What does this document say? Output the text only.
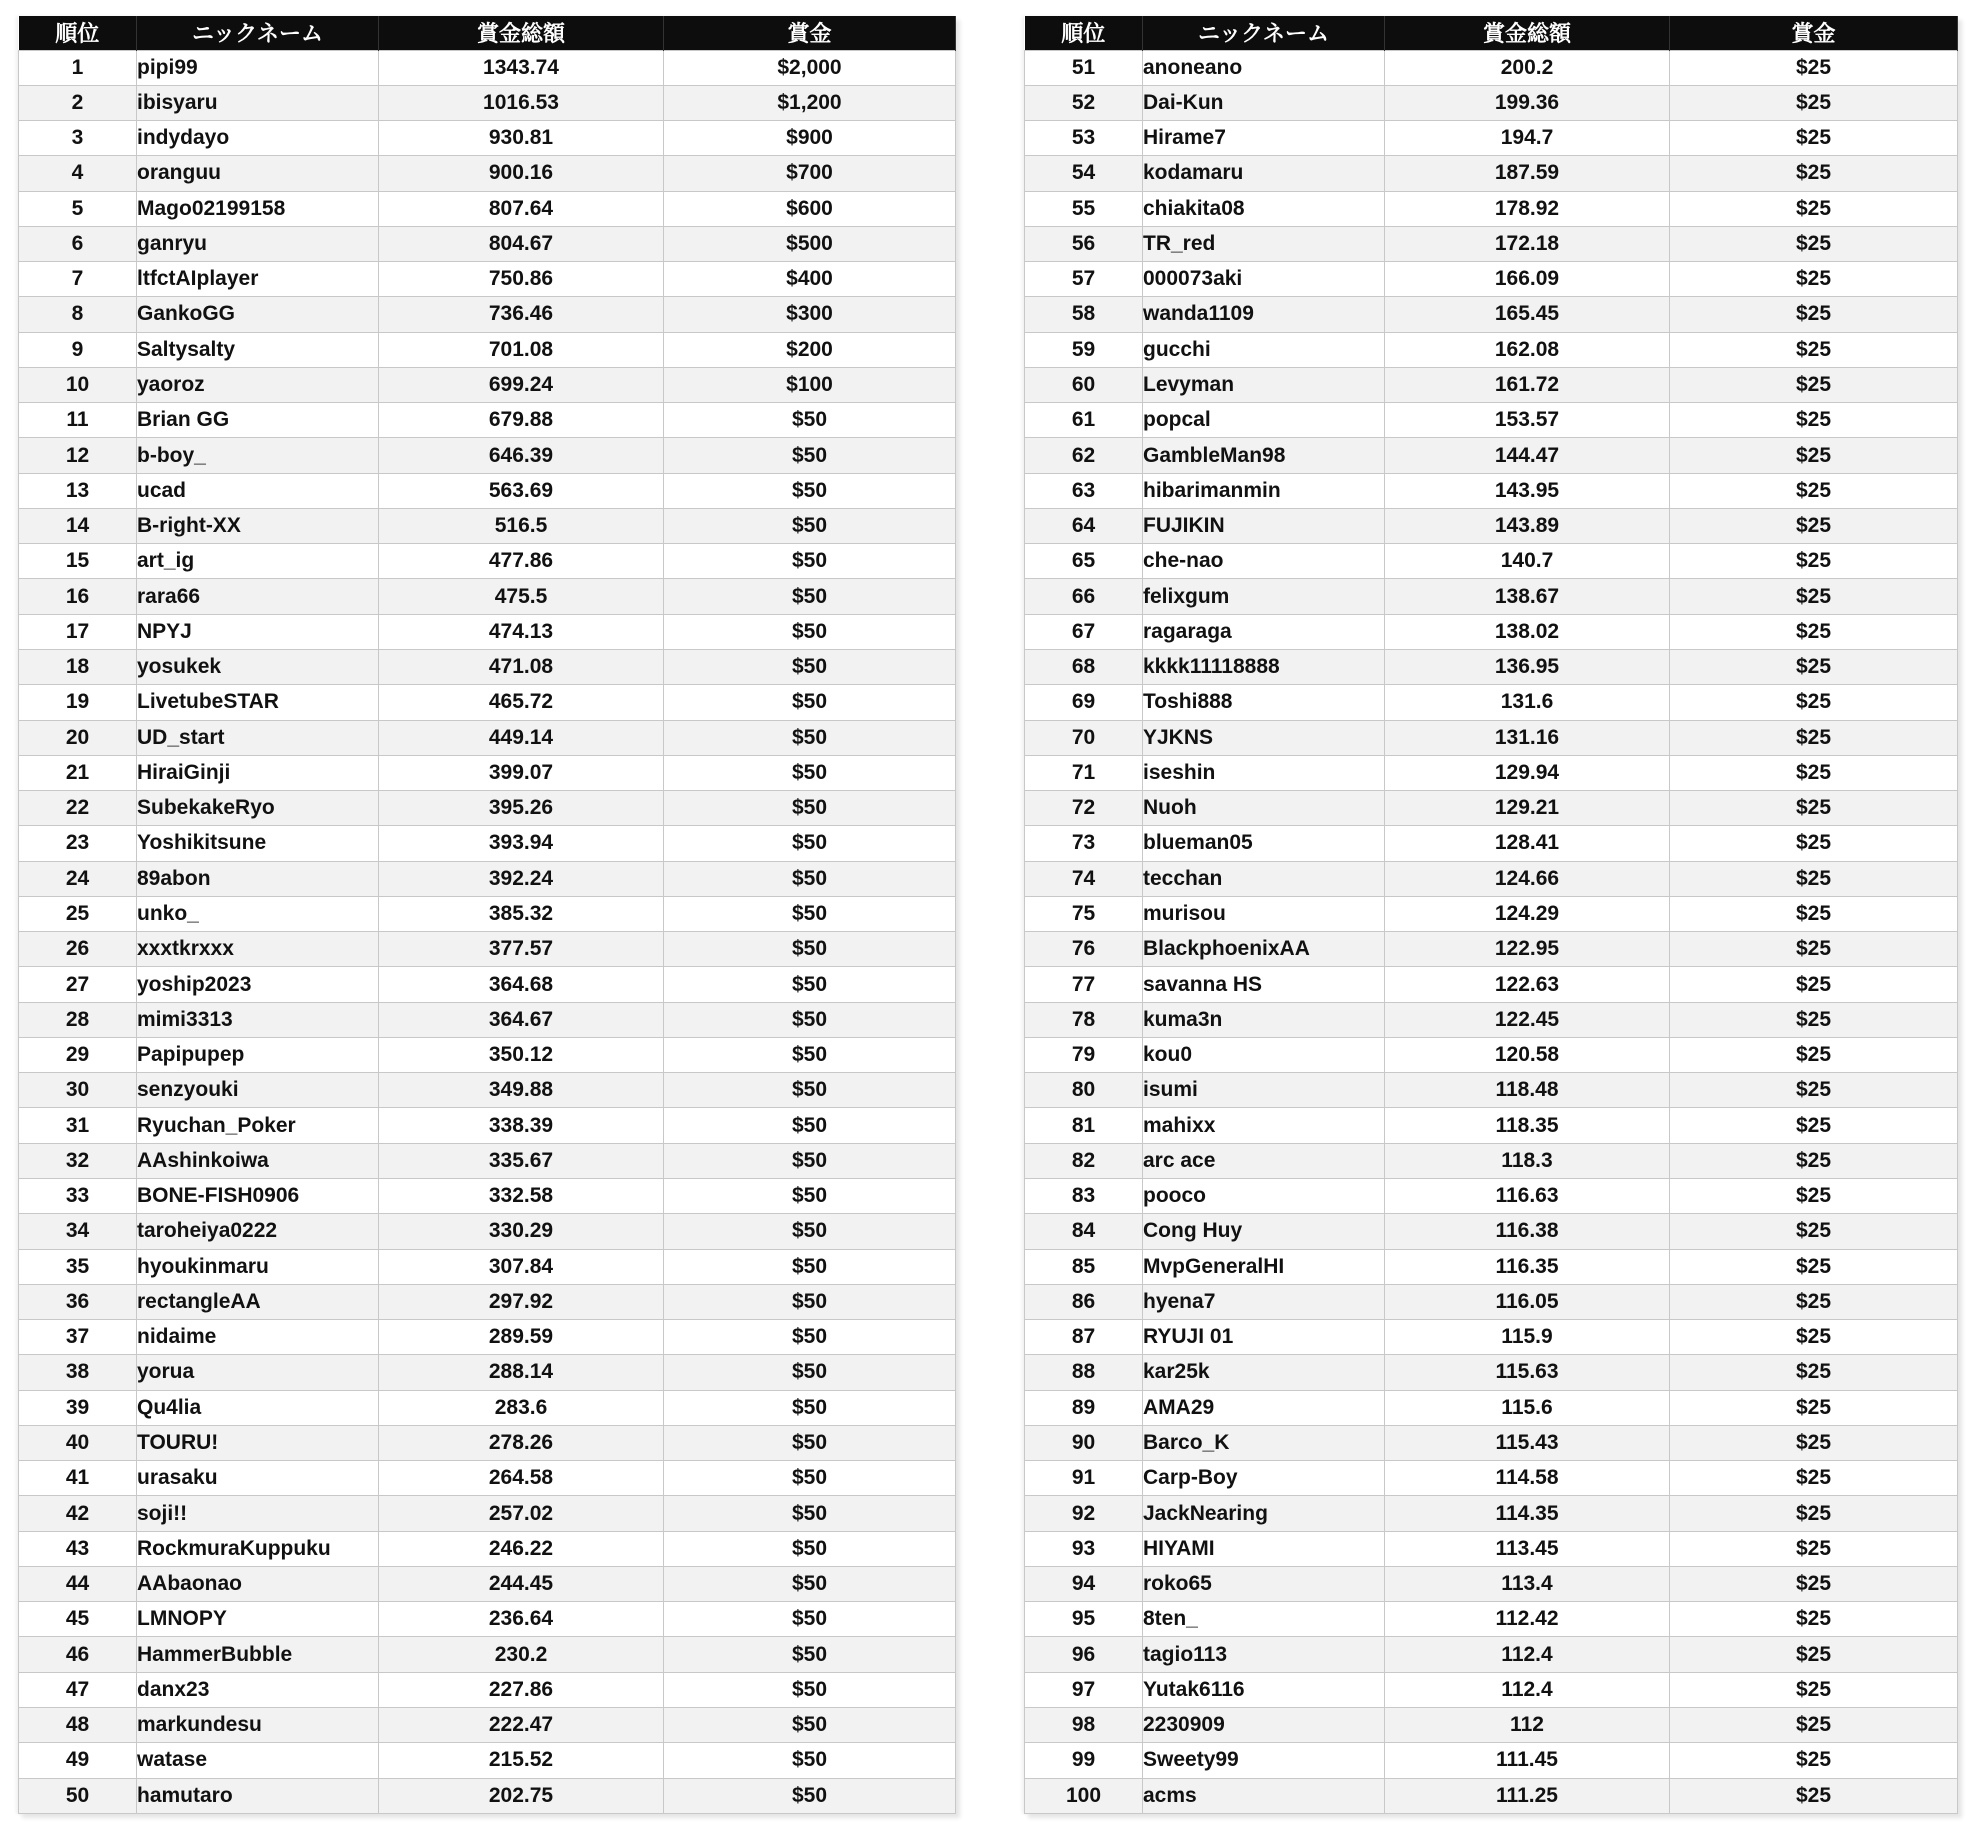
順位	ニックネーム	賞金総額	賞金
1	pipi99	1343.74	$2,000
2	ibisyaru	1016.53	$1,200
3	indydayo	930.81	$900
4	oranguu	900.16	$700
5	Mago02199158	807.64	$600
6	ganryu	804.67	$500
7	ltfctAIplayer	750.86	$400
8	GankoGG	736.46	$300
9	Saltysalty	701.08	$200
10	yaoroz	699.24	$100
11	Brian GG	679.88	$50
12	b-boy_	646.39	$50
13	ucad	563.69	$50
14	B-right-XX	516.5	$50
15	art_ig	477.86	$50
16	rara66	475.5	$50
17	NPYJ	474.13	$50
18	yosukek	471.08	$50
19	LivetubeSTAR	465.72	$50
20	UD_start	449.14	$50
21	HiraiGinji	399.07	$50
22	SubekakeRyo	395.26	$50
23	Yoshikitsune	393.94	$50
24	89abon	392.24	$50
25	unko_	385.32	$50
26	xxxtkrxxx	377.57	$50
27	yoship2023	364.68	$50
28	mimi3313	364.67	$50
29	Papipupep	350.12	$50
30	senzyouki	349.88	$50
31	Ryuchan_Poker	338.39	$50
32	AAshinkoiwa	335.67	$50
33	BONE-FISH0906	332.58	$50
34	taroheiya0222	330.29	$50
35	hyoukinmaru	307.84	$50
36	rectangleAA	297.92	$50
37	nidaime	289.59	$50
38	yorua	288.14	$50
39	Qu4lia	283.6	$50
40	TOURU!	278.26	$50
41	urasaku	264.58	$50
42	soji!!	257.02	$50
43	RockmuraKuppuku	246.22	$50
44	AAbaonao	244.45	$50
45	LMNOPY	236.64	$50
46	HammerBubble	230.2	$50
47	danx23	227.86	$50
48	markundesu	222.47	$50
49	watase	215.52	$50
50	hamutaro	202.75	$50
順位	ニックネーム	賞金総額	賞金
51	anoneano	200.2	$25
52	Dai-Kun	199.36	$25
53	Hirame7	194.7	$25
54	kodamaru	187.59	$25
55	chiakita08	178.92	$25
56	TR_red	172.18	$25
57	000073aki	166.09	$25
58	wanda1109	165.45	$25
59	gucchi	162.08	$25
60	Levyman	161.72	$25
61	popcal	153.57	$25
62	GambleMan98	144.47	$25
63	hibarimanmin	143.95	$25
64	FUJIKIN	143.89	$25
65	che-nao	140.7	$25
66	felixgum	138.67	$25
67	ragaraga	138.02	$25
68	kkkk11118888	136.95	$25
69	Toshi888	131.6	$25
70	YJKNS	131.16	$25
71	iseshin	129.94	$25
72	Nuoh	129.21	$25
73	blueman05	128.41	$25
74	tecchan	124.66	$25
75	murisou	124.29	$25
76	BlackphoenixAA	122.95	$25
77	savanna HS	122.63	$25
78	kuma3n	122.45	$25
79	kou0	120.58	$25
80	isumi	118.48	$25
81	mahixx	118.35	$25
82	arc ace	118.3	$25
83	pooco	116.63	$25
84	Cong Huy	116.38	$25
85	MvpGeneralHI	116.35	$25
86	hyena7	116.05	$25
87	RYUJI 01	115.9	$25
88	kar25k	115.63	$25
89	AMA29	115.6	$25
90	Barco_K	115.43	$25
91	Carp-Boy	114.58	$25
92	JackNearing	114.35	$25
93	HIYAMI	113.45	$25
94	roko65	113.4	$25
95	8ten_	112.42	$25
96	tagio113	112.4	$25
97	Yutak6116	112.4	$25
98	2230909	112	$25
99	Sweety99	111.45	$25
100	acms	111.25	$25
